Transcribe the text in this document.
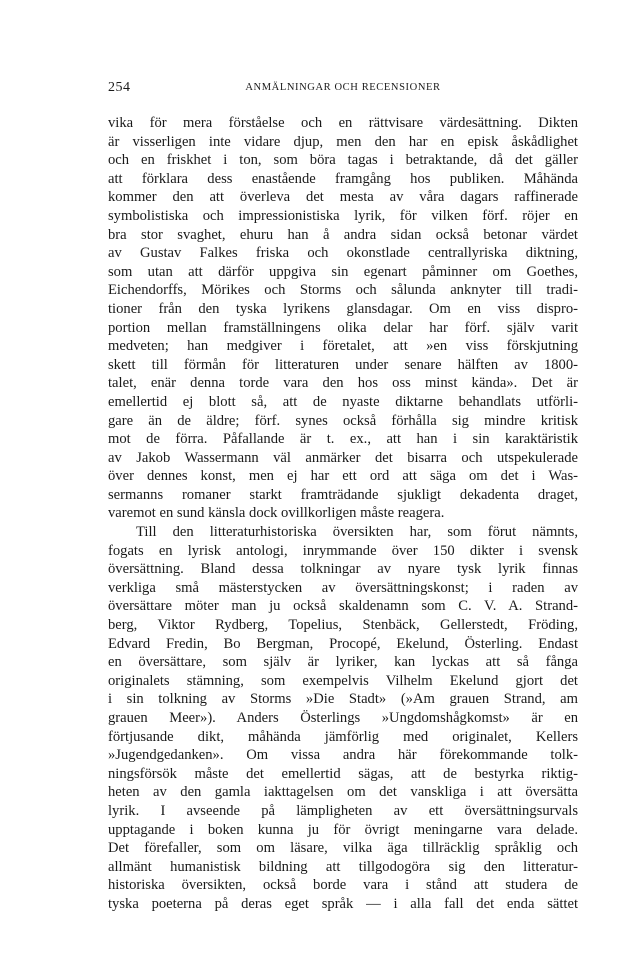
254	ANMÄLNINGAR OCH RECENSIONER
vika för mera förståelse och en rättvisare värdesättning. Dikten
är visserligen inte vidare djup, men den har en episk åskådlighet
och en friskhet i ton, som böra tagas i betraktande, då det gäller
att förklara dess enastående framgång hos publiken. Måhända
kommer den att överleva det mesta av våra dagars raffinerade
symbolistiska och impressionistiska lyrik, för vilken förf. röjer en
bra stor svaghet, ehuru han å andra sidan också betonar värdet
av Gustav Falkes friska och okonstlade centrallyriska diktning,
som utan att därför uppgiva sin egenart påminner om Goethes,
Eichendorffs, Mörikes och Storms och sålunda anknyter till tradi-
tioner från den tyska lyrikens glansdagar. Om en viss dispro-
portion mellan framställningens olika delar har förf. själv varit
medveten; han medgiver i företalet, att »en viss förskjutning
skett till förmån för litteraturen under senare hälften av 1800-
talet, enär denna torde vara den hos oss minst kända». Det är
emellertid ej blott så, att de nyaste diktarne behandlats utförli-
gare än de äldre; förf. synes också förhålla sig mindre kritisk
mot de förra. Påfallande är t. ex., att han i sin karaktäristik
av Jakob Wassermann väl anmärker det bisarra och utspekulerade
över dennes konst, men ej har ett ord att säga om det i Was-
sermanns romaner starkt framträdande sjukligt dekadenta draget,
varemot en sund känsla dock ovillkorligen måste reagera.
Till den litteraturhistoriska översikten har, som förut nämnts,
fogats en lyrisk antologi, inrymmande över 150 dikter i svensk
översättning. Bland dessa tolkningar av nyare tysk lyrik finnas
verkliga små mästerstycken av översättningskonst; i raden av
översättare möter man ju också skaldenamn som C. V. A. Strand-
berg, Viktor Rydberg, Topelius, Stenbäck, Gellerstedt, Fröding,
Edvard Fredin, Bo Bergman, Procopé, Ekelund, Österling. Endast
en översättare, som själv är lyriker, kan lyckas att så fånga
originalets stämning, som exempelvis Vilhelm Ekelund gjort det
i sin tolkning av Storms »Die Stadt» (»Am grauen Strand, am
grauen Meer»). Anders Österlings »Ungdomshågkomst» är en
förtjusande dikt, måhända jämförlig med originalet, Kellers
»Jugendgedanken». Om vissa andra här förekommande tolk-
ningsförsök måste det emellertid sägas, att de bestyrka riktig-
heten av den gamla iakttagelsen om det vanskliga i att översätta
lyrik. I avseende på lämpligheten av ett översättningsurvals
upptagande i boken kunna ju för övrigt meningarne vara delade.
Det förefaller, som om läsare, vilka äga tillräcklig språklig och
allmänt humanistisk bildning att tillgodogöra sig den litteratur-
historiska översikten, också borde vara i stånd att studera de
tyska poeterna på deras eget språk — i alla fall det enda sättet
